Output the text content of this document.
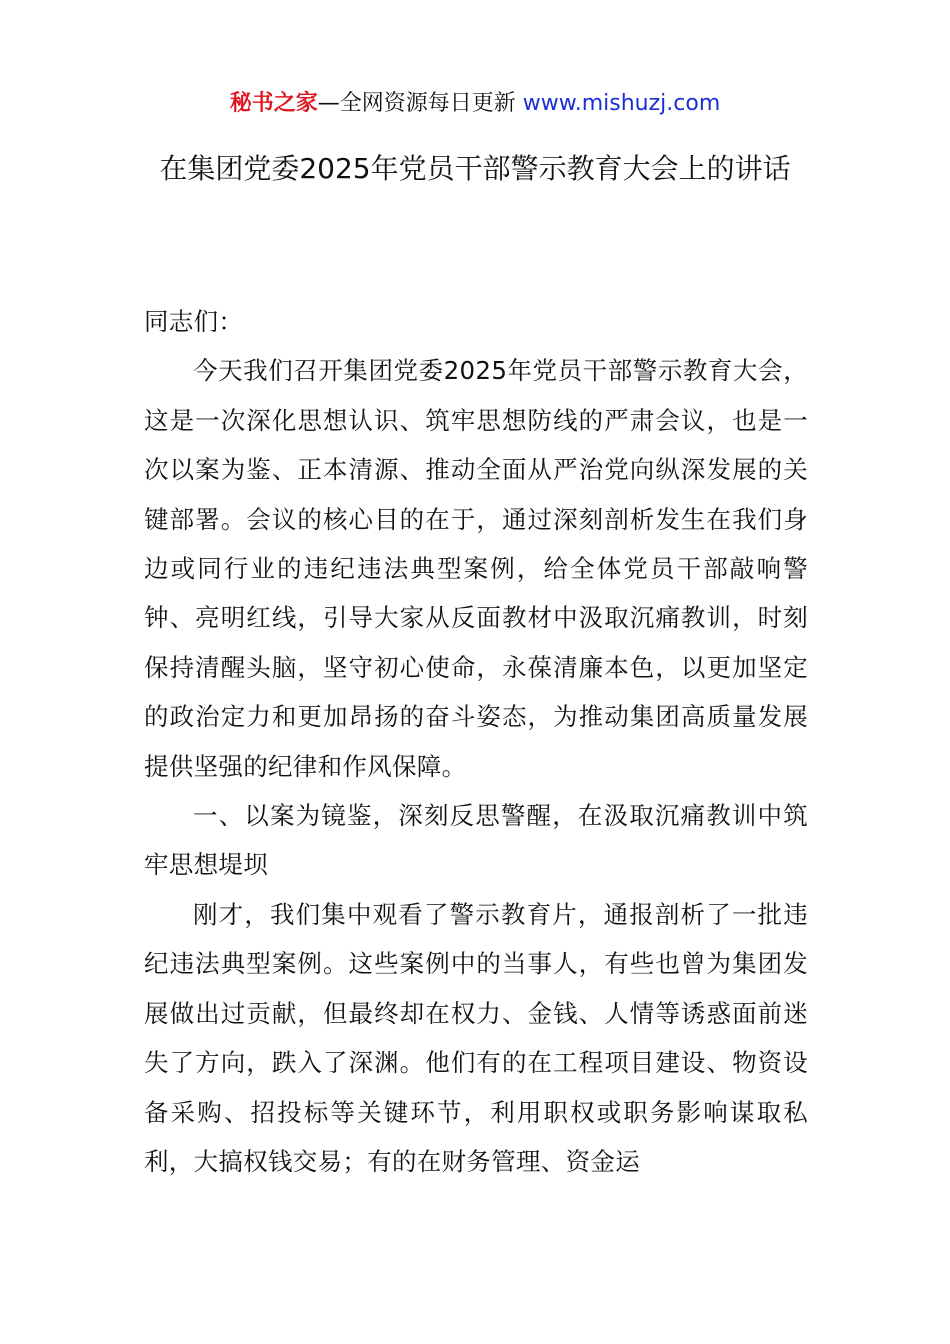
秘书之家—全网资源每日更新 www.mishuzj.com
在集团党委2025年党员干部警示教育大会上的讲话

同志们：

今天我们召开集团党委2025年党员干部警示教育大会，这是一次深化思想认识、筑牢思想防线的严肃会议，也是一次以案为鉴、正本清源、推动全面从严治党向纵深发展的关键部署。会议的核心目的在于，通过深刻剖析发生在我们身边或同行业的违纪违法典型案例，给全体党员干部敲响警钟、亮明红线，引导大家从反面教材中汲取沉痛教训，时刻保持清醒头脑，坚守初心使命，永葆清廉本色，以更加坚定的政治定力和更加昂扬的奋斗姿态，为推动集团高质量发展提供坚强的纪律和作风保障。

一、以案为镜鉴，深刻反思警醒，在汲取沉痛教训中筑牢思想堤坝

刚才，我们集中观看了警示教育片，通报剖析了一批违纪违法典型案例。这些案例中的当事人，有些也曾为集团发展做出过贡献，但最终却在权力、金钱、人情等诱惑面前迷失了方向，跌入了深渊。他们有的在工程项目建设、物资设备采购、招投标等关键环节，利用职权或职务影响谋取私利，大搞权钱交易；有的在财务管理、资金运
